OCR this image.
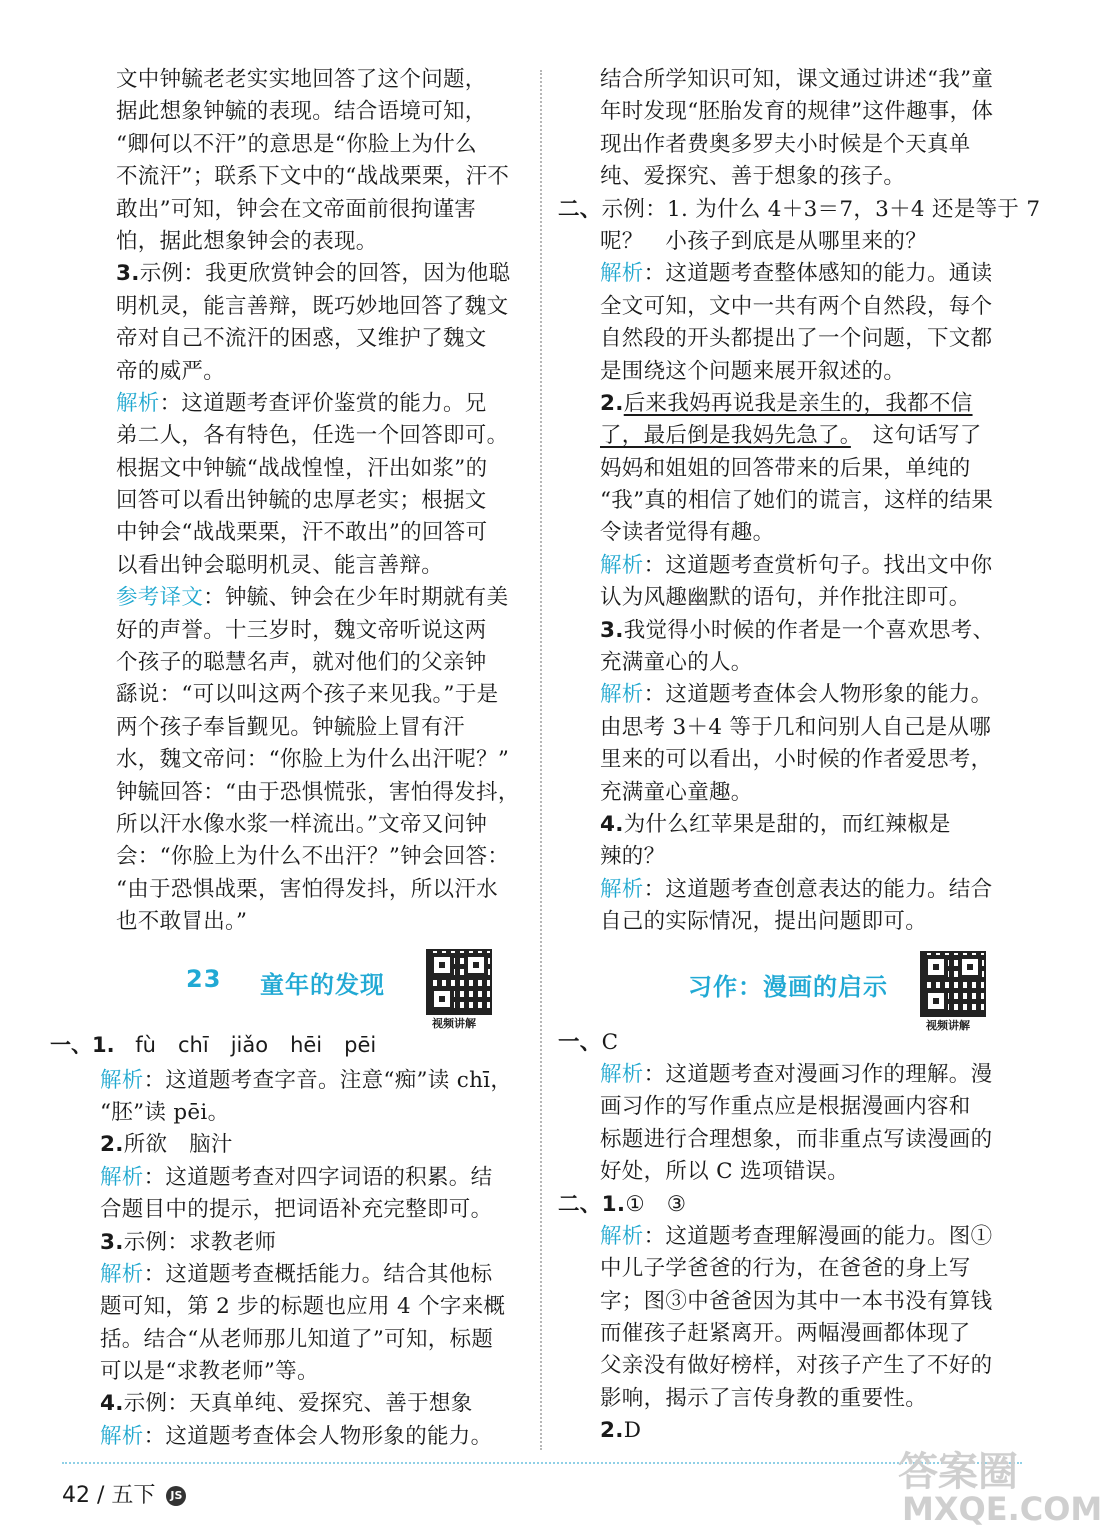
文中钟毓老老实实地回答了这个问题，
据此想象钟毓的表现。结合语境可知，
“卿何以不汗”的意思是“你脸上为什么
不流汗”；联系下文中的“战战栗栗，汗不
敢出”可知，钟会在文帝面前很拘谨害
怕，据此想象钟会的表现。
3.示例：我更欣赏钟会的回答，因为他聪
明机灵，能言善辩，既巧妙地回答了魏文
帝对自己不流汗的困惑，又维护了魏文
帝的威严。
解析：这道题考查评价鉴赏的能力。兄
弟二人，各有特色，任选一个回答即可。
根据文中钟毓“战战惶惶，汗出如浆”的
回答可以看出钟毓的忠厚老实；根据文
中钟会“战战栗栗，汗不敢出”的回答可
以看出钟会聪明机灵、能言善辩。
参考译文：钟毓、钟会在少年时期就有美
好的声誉。十三岁时，魏文帝听说这两
个孩子的聪慧名声，就对他们的父亲钟
繇说：“可以叫这两个孩子来见我。”于是
两个孩子奉旨觐见。钟毓脸上冒有汗
水，魏文帝问：“你脸上为什么出汗呢？”
钟毓回答：“由于恐惧慌张，害怕得发抖，
所以汗水像水浆一样流出。”文帝又问钟
会：“你脸上为什么不出汗？”钟会回答：
“由于恐惧战栗，害怕得发抖，所以汗水
也不敢冒出。”
23 童年的发现
视频讲解
一、1. fù chī jiǎo hēi pēi
解析：这道题考查字音。注意“痴”读 chī，
“胚”读 pēi。
2.所欲　脑汁
解析：这道题考查对四字词语的积累。结
合题目中的提示，把词语补充完整即可。
3.示例：求教老师
解析：这道题考查概括能力。结合其他标
题可知，第 2 步的标题也应用 4 个字来概
括。结合“从老师那儿知道了”可知，标题
可以是“求教老师”等。
4.示例：天真单纯、爱探究、善于想象
解析：这道题考查体会人物形象的能力。
结合所学知识可知，课文通过讲述“我”童
年时发现“胚胎发育的规律”这件趣事，体
现出作者费奥多罗夫小时候是个天真单
纯、爱探究、善于想象的孩子。
二、示例：1. 为什么 4＋3＝7，3＋4 还是等于 7
呢？　小孩子到底是从哪里来的？
解析：这道题考查整体感知的能力。通读
全文可知，文中一共有两个自然段，每个
自然段的开头都提出了一个问题，下文都
是围绕这个问题来展开叙述的。
2.后来我妈再说我是亲生的，我都不信
了，最后倒是我妈先急了。　这句话写了
妈妈和姐姐的回答带来的后果，单纯的
“我”真的相信了她们的谎言，这样的结果
令读者觉得有趣。
解析：这道题考查赏析句子。找出文中你
认为风趣幽默的语句，并作批注即可。
3.我觉得小时候的作者是一个喜欢思考、
充满童心的人。
解析：这道题考查体会人物形象的能力。
由思考 3＋4 等于几和问别人自己是从哪
里来的可以看出，小时候的作者爱思考，
充满童心童趣。
4.为什么红苹果是甜的，而红辣椒是
辣的？
解析：这道题考查创意表达的能力。结合
自己的实际情况，提出问题即可。
习作：漫画的启示
视频讲解
一、C
解析：这道题考查对漫画习作的理解。漫
画习作的写作重点应是根据漫画内容和
标题进行合理想象，而非重点写读漫画的
好处，所以 C 选项错误。
二、1.①　③
解析：这道题考查理解漫画的能力。图①
中儿子学爸爸的行为，在爸爸的身上写
字；图③中爸爸因为其中一本书没有算钱
而催孩子赶紧离开。两幅漫画都体现了
父亲没有做好榜样，对孩子产生了不好的
影响，揭示了言传身教的重要性。
2.D
42 / 五下 JS
答案圈
MXQE.COM
